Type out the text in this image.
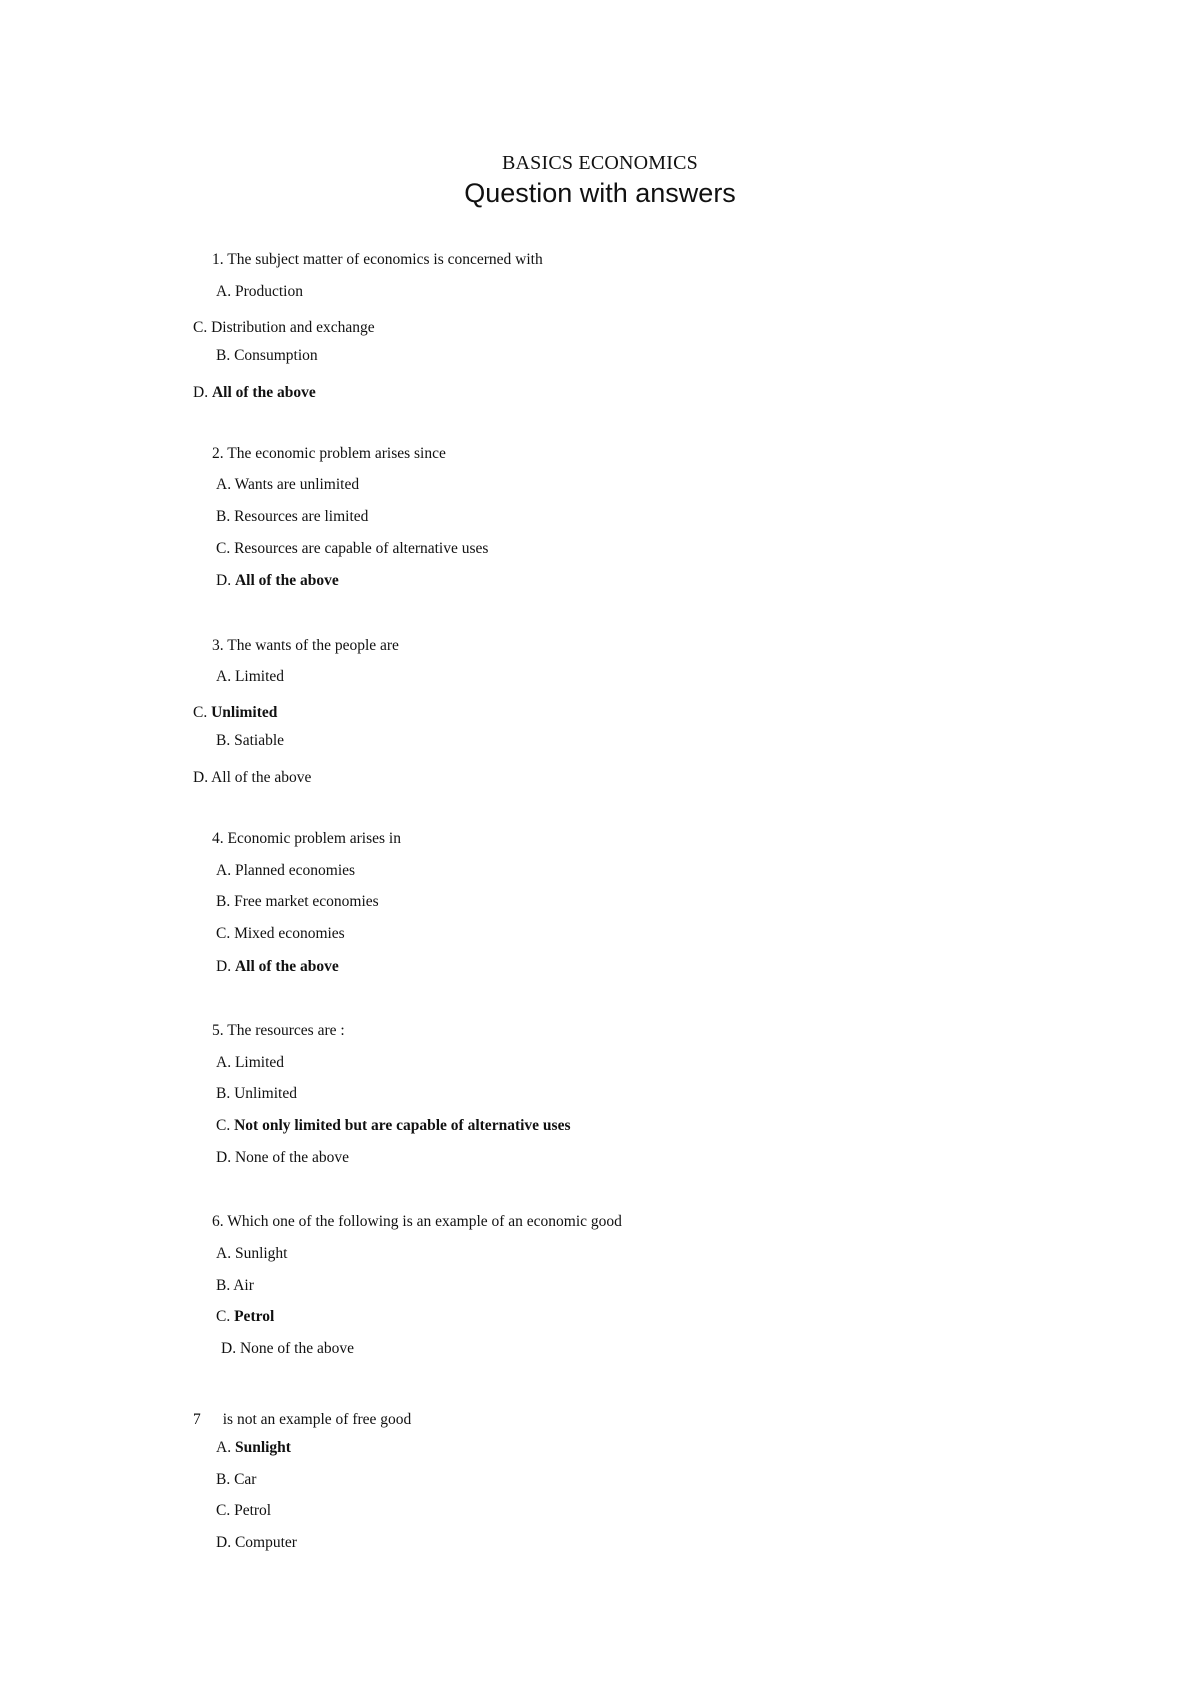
BASICS ECONOMICS
Question with answers
1. The subject matter of economics is concerned with
A. Production
C. Distribution and exchange
B. Consumption
D. All of the above
2. The economic problem arises since
A. Wants are unlimited
B. Resources are limited
C. Resources are capable of alternative uses
D. All of the above
3. The wants of the people are
A. Limited
C. Unlimited
B. Satiable
D. All of the above
4. Economic problem arises in
A. Planned economies
B. Free market economies
C. Mixed economies
D. All of the above
5. The resources are :
A. Limited
B. Unlimited
C. Not only limited but are capable of alternative uses
D. None of the above
6. Which one of the following is an example of an economic good
A. Sunlight
B. Air
C. Petrol
D. None of the above
7 is not an example of free good
A. Sunlight
B. Car
C. Petrol
D. Computer
